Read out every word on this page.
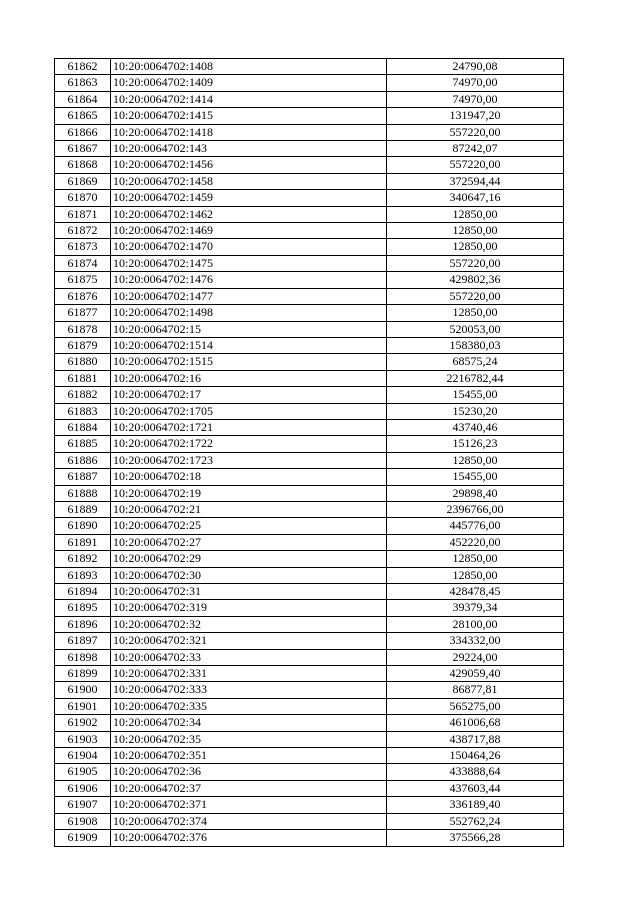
61862	10:20:0064702:1408	24790,08
61863	10:20:0064702:1409	74970,00
61864	10:20:0064702:1414	74970,00
61865	10:20:0064702:1415	131947,20
61866	10:20:0064702:1418	557220,00
61867	10:20:0064702:143	87242,07
61868	10:20:0064702:1456	557220,00
61869	10:20:0064702:1458	372594,44
61870	10:20:0064702:1459	340647,16
61871	10:20:0064702:1462	12850,00
61872	10:20:0064702:1469	12850,00
61873	10:20:0064702:1470	12850,00
61874	10:20:0064702:1475	557220,00
61875	10:20:0064702:1476	429802,36
61876	10:20:0064702:1477	557220,00
61877	10:20:0064702:1498	12850,00
61878	10:20:0064702:15	520053,00
61879	10:20:0064702:1514	158380,03
61880	10:20:0064702:1515	68575,24
61881	10:20:0064702:16	2216782,44
61882	10:20:0064702:17	15455,00
61883	10:20:0064702:1705	15230,20
61884	10:20:0064702:1721	43740,46
61885	10:20:0064702:1722	15126,23
61886	10:20:0064702:1723	12850,00
61887	10:20:0064702:18	15455,00
61888	10:20:0064702:19	29898,40
61889	10:20:0064702:21	2396766,00
61890	10:20:0064702:25	445776,00
61891	10:20:0064702:27	452220,00
61892	10:20:0064702:29	12850,00
61893	10:20:0064702:30	12850,00
61894	10:20:0064702:31	428478,45
61895	10:20:0064702:319	39379,34
61896	10:20:0064702:32	28100,00
61897	10:20:0064702:321	334332,00
61898	10:20:0064702:33	29224,00
61899	10:20:0064702:331	429059,40
61900	10:20:0064702:333	86877,81
61901	10:20:0064702:335	565275,00
61902	10:20:0064702:34	461006,68
61903	10:20:0064702:35	438717,88
61904	10:20:0064702:351	150464,26
61905	10:20:0064702:36	433888,64
61906	10:20:0064702:37	437603,44
61907	10:20:0064702:371	336189,40
61908	10:20:0064702:374	552762,24
61909	10:20:0064702:376	375566,28
